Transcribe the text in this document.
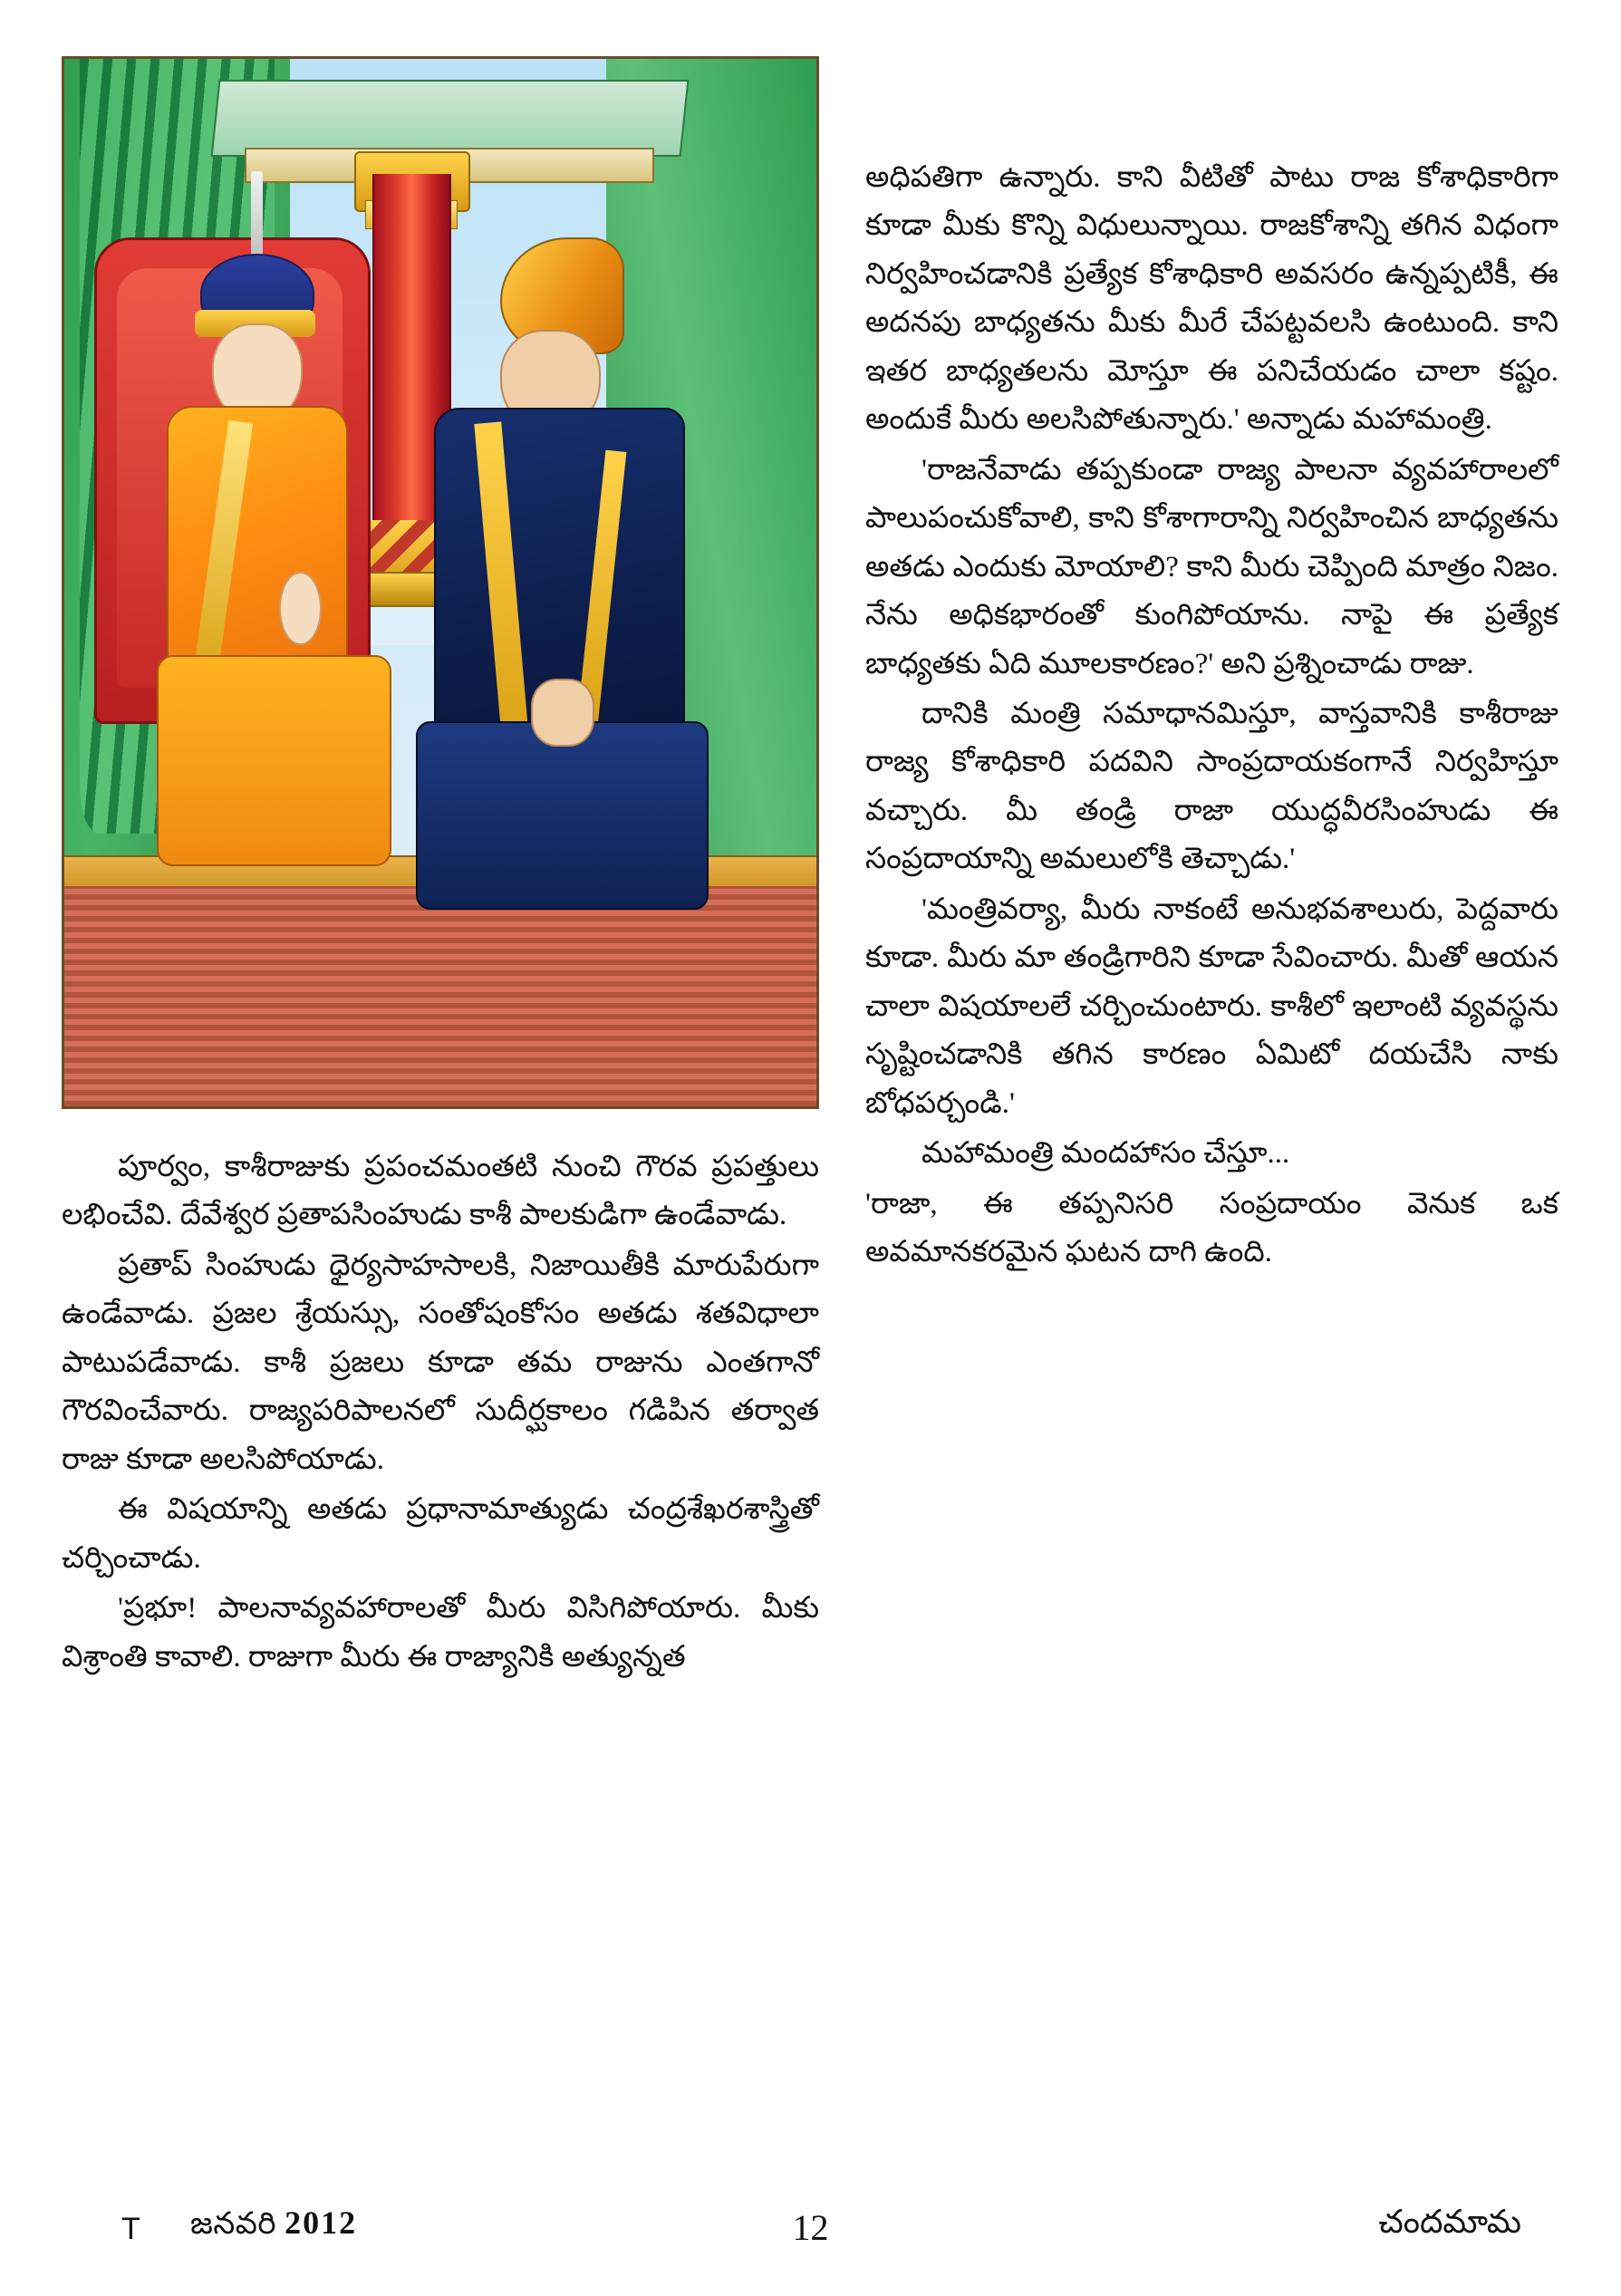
పూర్వం, కాశీరాజుకు ప్రపంచమంతటి నుంచి గౌరవ ప్రపత్తులు లభించేవి. దేవేశ్వర ప్రతాపసింహుడు కాశీ పాలకుడిగా ఉండేవాడు.

ప్రతాప్ సింహుడు ధైర్యసాహసాలకి, నిజాయితీకి మారుపేరుగా ఉండేవాడు. ప్రజల శ్రేయస్సు, సంతోషంకోసం అతడు శతవిధాలా పాటుపడేవాడు. కాశీ ప్రజలు కూడా తమ రాజును ఎంతగానో గౌరవించేవారు. రాజ్యపరిపాలనలో సుదీర్ఘకాలం గడిపిన తర్వాత రాజు కూడా అలసిపోయాడు.

ఈ విషయాన్ని అతడు ప్రధానామాత్యుడు చంద్రశేఖరశాస్త్రితో చర్చించాడు.

'ప్రభూ! పాలనావ్యవహారాలతో మీరు విసిగిపోయారు. మీకు విశ్రాంతి కావాలి. రాజుగా మీరు ఈ రాజ్యానికి అత్యున్నత

అధిపతిగా ఉన్నారు. కాని వీటితో పాటు రాజ కోశాధికారిగా కూడా మీకు కొన్ని విధులున్నాయి. రాజకోశాన్ని తగిన విధంగా నిర్వహించడానికి ప్రత్యేక కోశాధికారి అవసరం ఉన్నప్పటికీ, ఈ అదనపు బాధ్యతను మీకు మీరే చేపట్టవలసి ఉంటుంది. కాని ఇతర బాధ్యతలను మోస్తూ ఈ పనిచేయడం చాలా కష్టం. అందుకే మీరు అలసిపోతున్నారు.' అన్నాడు మహామంత్రి.

'రాజనేవాడు తప్పకుండా రాజ్య పాలనా వ్యవహారాలలో పాలుపంచుకోవాలి, కాని కోశాగారాన్ని నిర్వహించిన బాధ్యతను అతడు ఎందుకు మోయాలి? కాని మీరు చెప్పింది మాత్రం నిజం. నేను అధికభారంతో కుంగిపోయాను. నాపై ఈ ప్రత్యేక బాధ్యతకు ఏది మూలకారణం?' అని ప్రశ్నించాడు రాజు.

దానికి మంత్రి సమాధానమిస్తూ, వాస్తవానికి కాశీరాజు రాజ్య కోశాధికారి పదవిని సాంప్రదాయకంగానే నిర్వహిస్తూ వచ్చారు. మీ తండ్రి రాజా యుద్ధవీరసింహుడు ఈ సంప్రదాయాన్ని అమలులోకి తెచ్చాడు.'

'మంత్రివర్యా, మీరు నాకంటే అనుభవశాలురు, పెద్దవారు కూడా. మీరు మా తండ్రిగారిని కూడా సేవించారు. మీతో ఆయన చాలా విషయాలలే చర్చించుంటారు. కాశీలో ఇలాంటి వ్యవస్థను సృష్టించడానికి తగిన కారణం ఏమిటో దయచేసి నాకు బోధపర్చండి.'

మహామంత్రి మందహాసం చేస్తూ...

'రాజా, ఈ తప్పనిసరి సంప్రదాయం వెనుక ఒక అవమానకరమైన ఘటన దాగి ఉంది.

T జనవరి 2012	12	చందమామ
